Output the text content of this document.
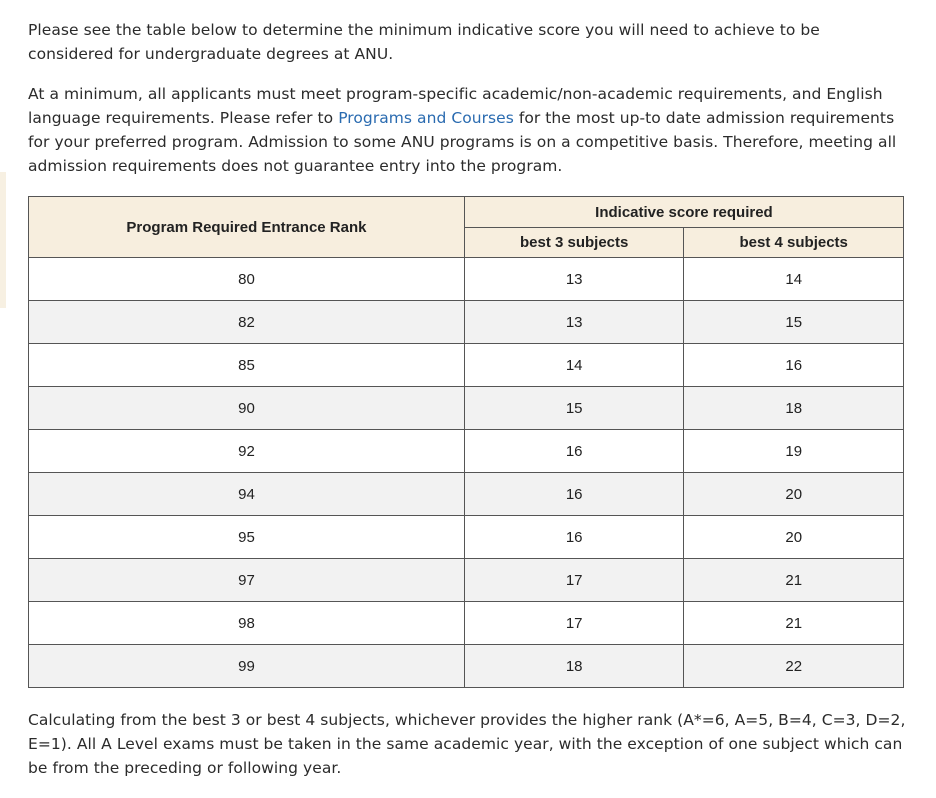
Please see the table below to determine the minimum indicative score you will need to achieve to be considered for undergraduate degrees at ANU.

At a minimum, all applicants must meet program-specific academic/non-academic requirements, and English language requirements. Please refer to Programs and Courses for the most up-to date admission requirements for your preferred program. Admission to some ANU programs is on a competitive basis. Therefore, meeting all admission requirements does not guarantee entry into the program.

Program Required Entrance Rank	Indicative score required	
	best 3 subjects	best 4 subjects
80	13	14
82	13	15
85	14	16
90	15	18
92	16	19
94	16	20
95	16	20
97	17	21
98	17	21
99	18	22

Calculating from the best 3 or best 4 subjects, whichever provides the higher rank (A*=6, A=5, B=4, C=3, D=2, E=1). All A Level exams must be taken in the same academic year, with the exception of one subject which can be from the preceding or following year.
